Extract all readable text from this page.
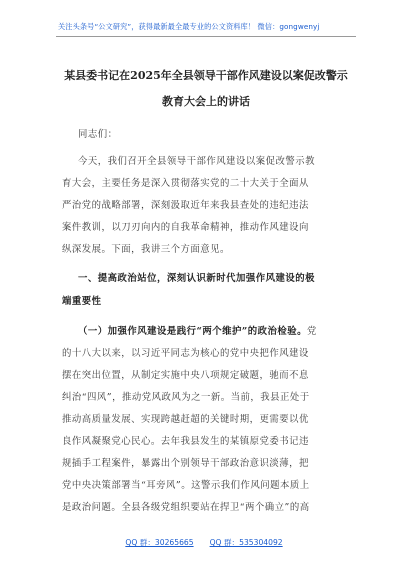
关注头条号“公文研究”，获得最新最全最专业的公文资料库！ 微信：gongwenyj
某县委书记在2025年全县领导干部作风建设以案促改警示
教育大会上的讲话
同志们：
今天，我们召开全县领导干部作风建设以案促改警示教
育大会，主要任务是深入贯彻落实党的二十大关于全面从
严治党的战略部署，深刻汲取近年来我县查处的违纪违法
案件教训，以刀刃向内的自我革命精神，推动作风建设向
纵深发展。下面，我讲三个方面意见。
一、提高政治站位，深刻认识新时代加强作风建设的极
端重要性
（一）加强作风建设是践行“两个维护”的政治检验。党
的十八大以来，以习近平同志为核心的党中央把作风建设
摆在突出位置，从制定实施中央八项规定破题，驰而不息
纠治“四风”，推动党风政风为之一新。当前，我县正处于
推动高质量发展、实现跨越赶超的关键时期，更需要以优
良作风凝聚党心民心。去年我县发生的某镇原党委书记违
规插手工程案件，暴露出个别领导干部政治意识淡薄，把
党中央决策部署当“耳旁风”。这警示我们作风问题本质上
是政治问题。全县各级党组织要站在捍卫“两个确立”的高
QQ 群：30265665 QQ 群：535304092
